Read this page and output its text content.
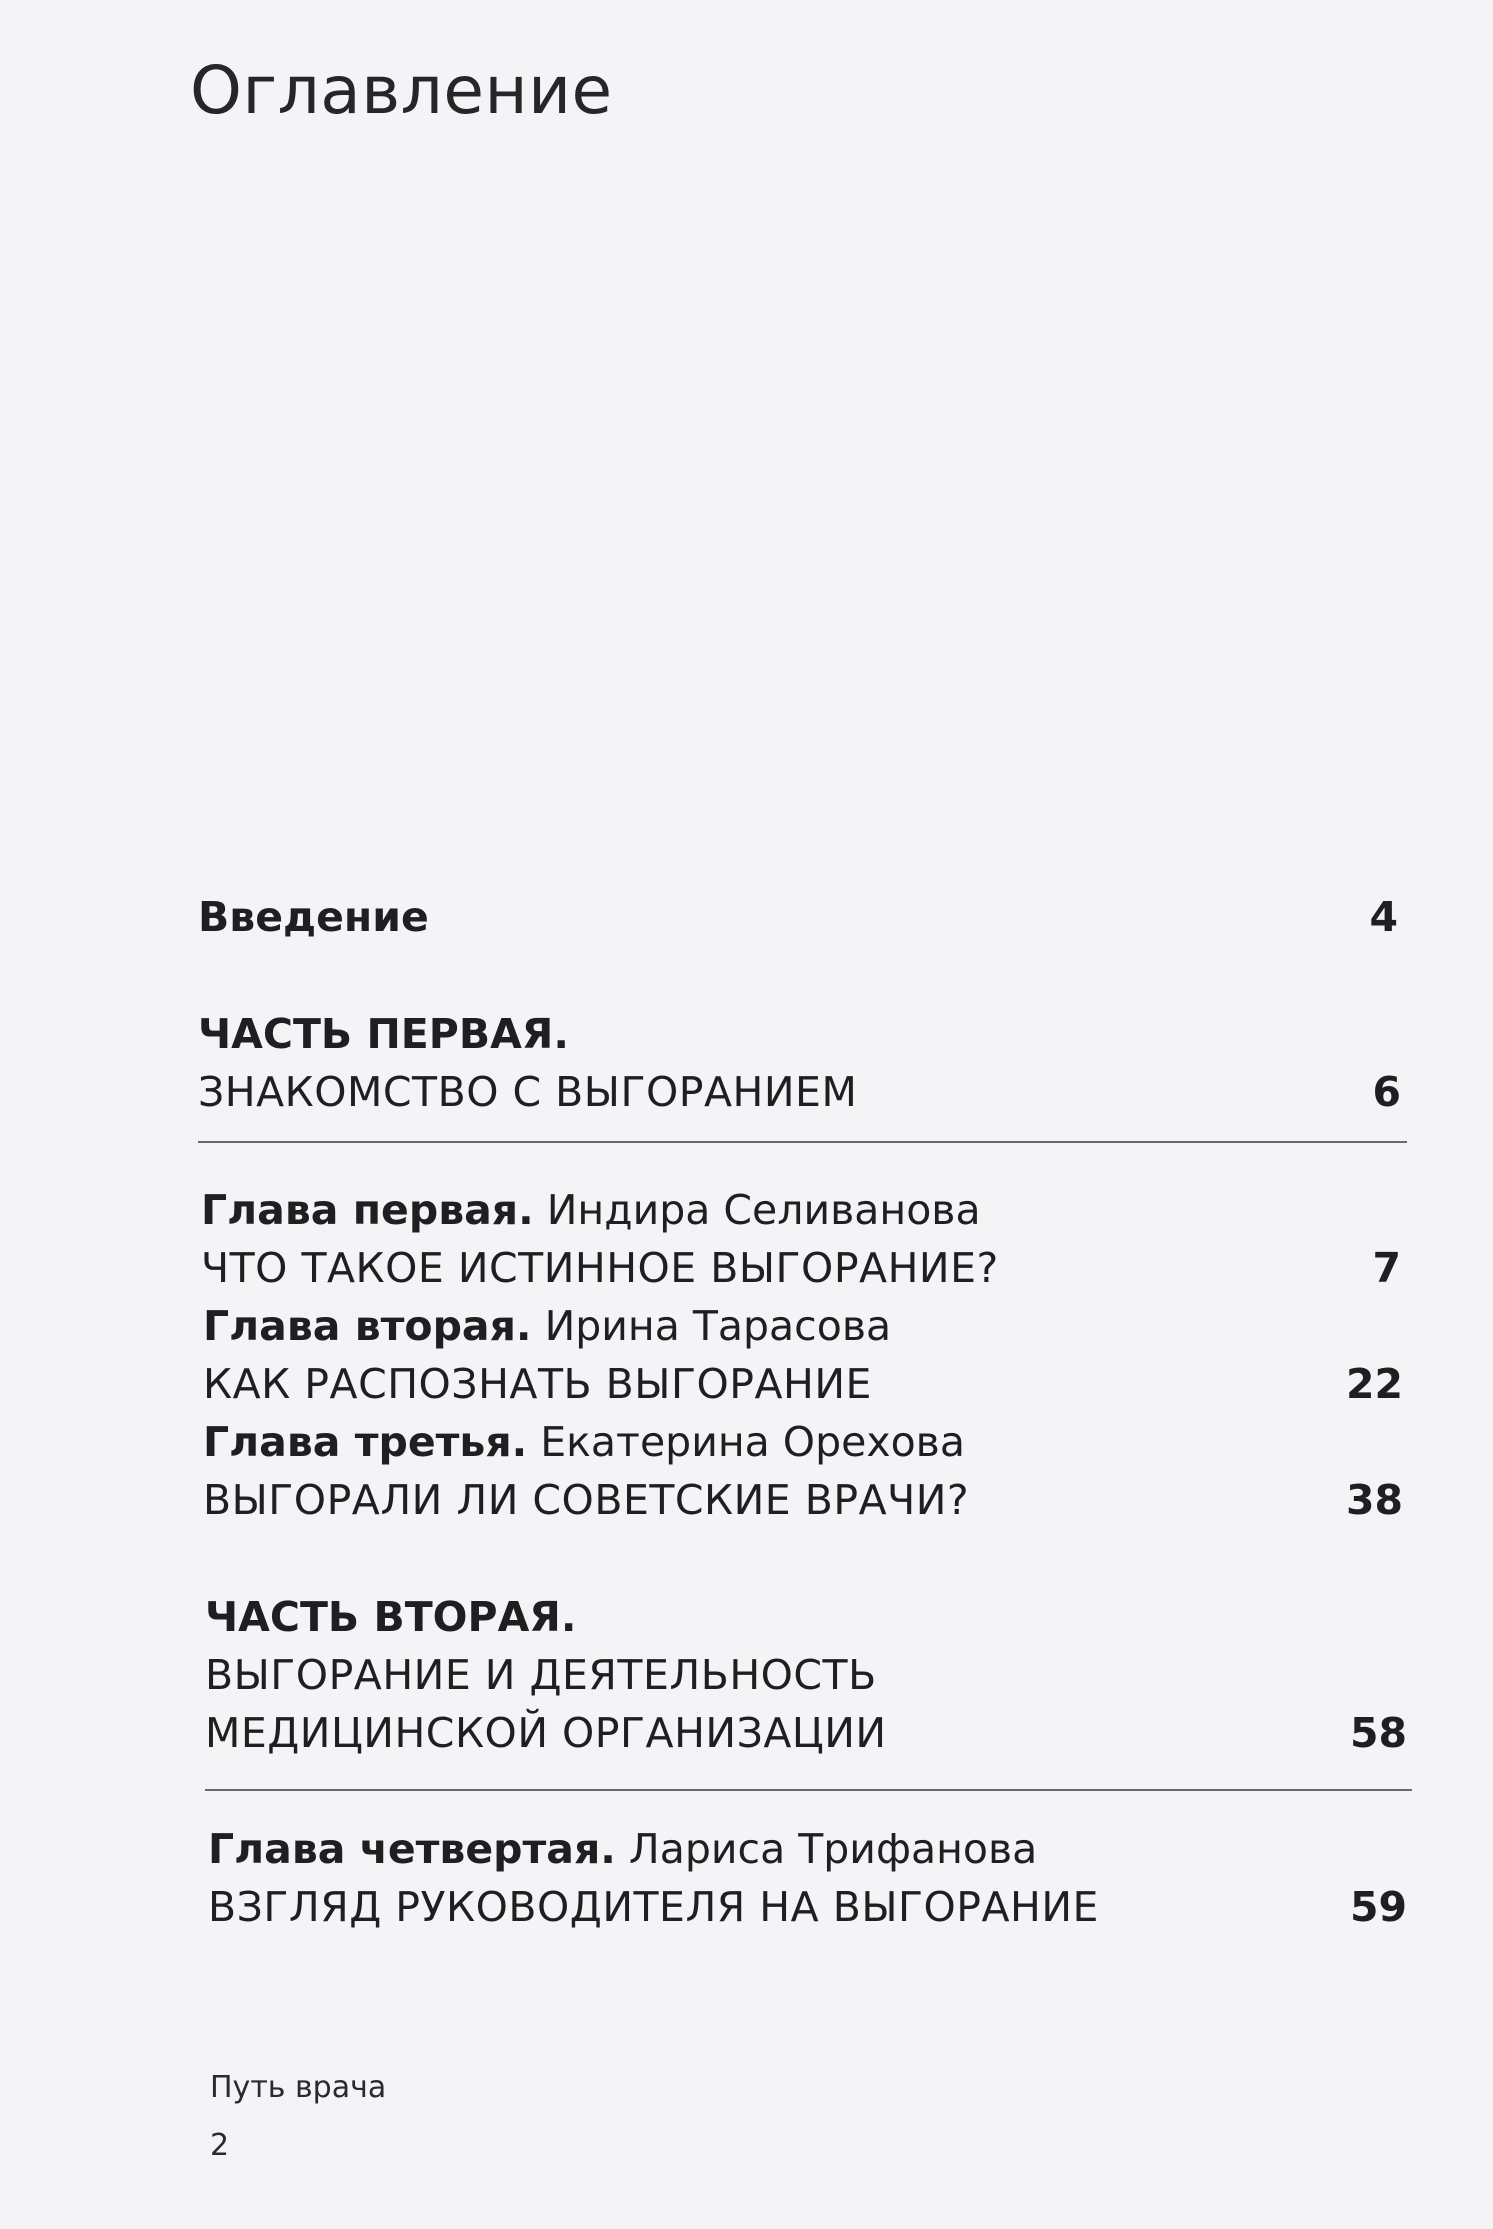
Оглавление
Введение	4
ЧАСТЬ ПЕРВАЯ.
ЗНАКОМСТВО С ВЫГОРАНИЕМ	6
Глава первая. Индира Селиванова
ЧТО ТАКОЕ ИСТИННОЕ ВЫГОРАНИЕ?	7
Глава вторая. Ирина Тарасова
КАК РАСПОЗНАТЬ ВЫГОРАНИЕ	22
Глава третья. Екатерина Орехова
ВЫГОРАЛИ ЛИ СОВЕТСКИЕ ВРАЧИ?	38
ЧАСТЬ ВТОРАЯ.
ВЫГОРАНИЕ И ДЕЯТЕЛЬНОСТЬ
МЕДИЦИНСКОЙ ОРГАНИЗАЦИИ	58
Глава четвертая. Лариса Трифанова
ВЗГЛЯД РУКОВОДИТЕЛЯ НА ВЫГОРАНИЕ	59
Путь врача
2
